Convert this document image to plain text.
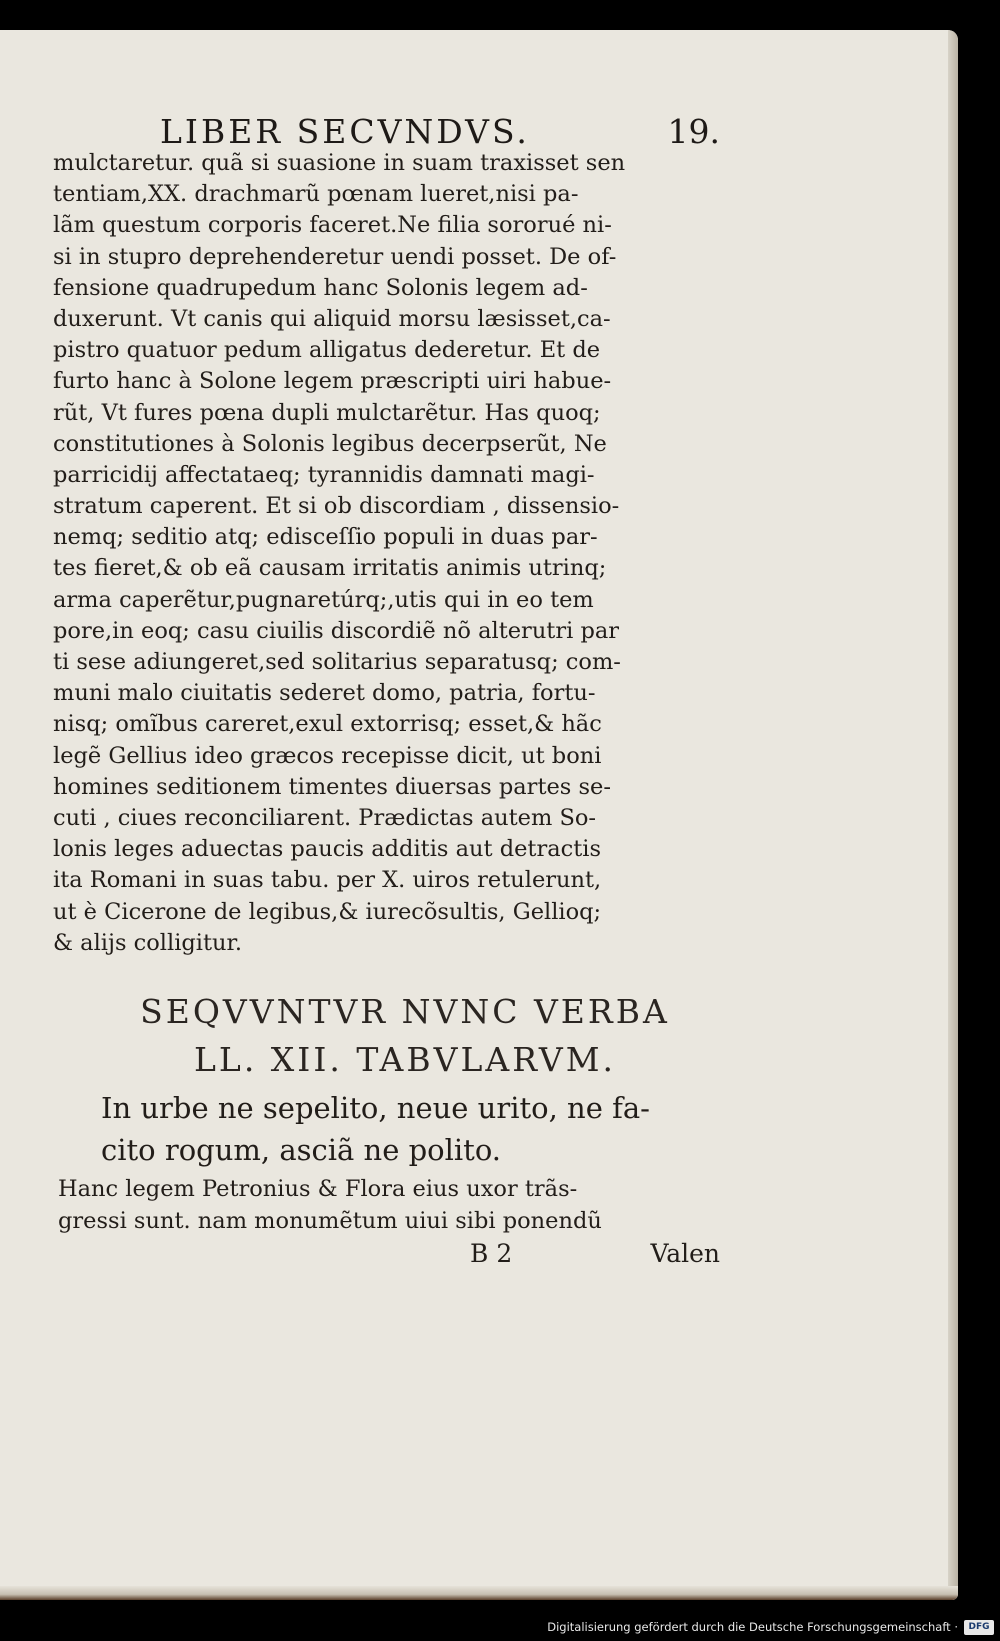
LIBER SECVNDVS.	19.
mulctaretur. quã si suasione in suam traxisset sen
tentiam,XX. drachmarũ pœnam lueret,nisi pa-
lãm questum corporis faceret.Ne filia sororué ni-
si in stupro deprehenderetur uendi posset. De of-
fensione quadrupedum hanc Solonis legem ad-
duxerunt. Vt canis qui aliquid morsu læsisset,ca-
pistro quatuor pedum alligatus dederetur. Et de
furto hanc à Solone legem præscripti uiri habue-
rũt, Vt fures pœna dupli mulctarẽtur. Has quoq;
constitutiones à Solonis legibus decerpserũt, Ne
parricidij affectataeq; tyrannidis damnati magi-
stratum caperent. Et si ob discordiam , dissensio-
nemq; seditio atq; edisceſſio populi in duas par-
tes fieret,& ob eã causam irritatis animis utrinq;
arma caperẽtur,pugnaretúrq;,utis qui in eo tem
pore,in eoq; casu ciuilis discordiẽ nõ alterutri par
ti sese adiungeret,sed solitarius separatusq; com-
muni malo ciuitatis sederet domo, patria, fortu-
nisq; omĩbus careret,exul extorrisq; esset,& hãc
legẽ Gellius ideo græcos recepisse dicit, ut boni
homines seditionem timentes diuersas partes se-
cuti , ciues reconciliarent. Prædictas autem So-
lonis leges aduectas paucis additis aut detractis
ita Romani in suas tabu. per X. uiros retulerunt,
ut è Cicerone de legibus,& iurecõsultis, Gellioq;
& alijs colligitur.
SEQVVNTVR NVNC VERBA
LL. XII. TABVLARVM.
In urbe ne sepelito, neue urito, ne fa-
cito rogum, asciã ne polito.
Hanc legem Petronius & Flora eius uxor trãs-
gressi sunt. nam monumẽtum uiui sibi ponendũ
B 2	Valen
Digitalisierung gefördert durch die Deutsche Forschungsgemeinschaft ·	DFG
